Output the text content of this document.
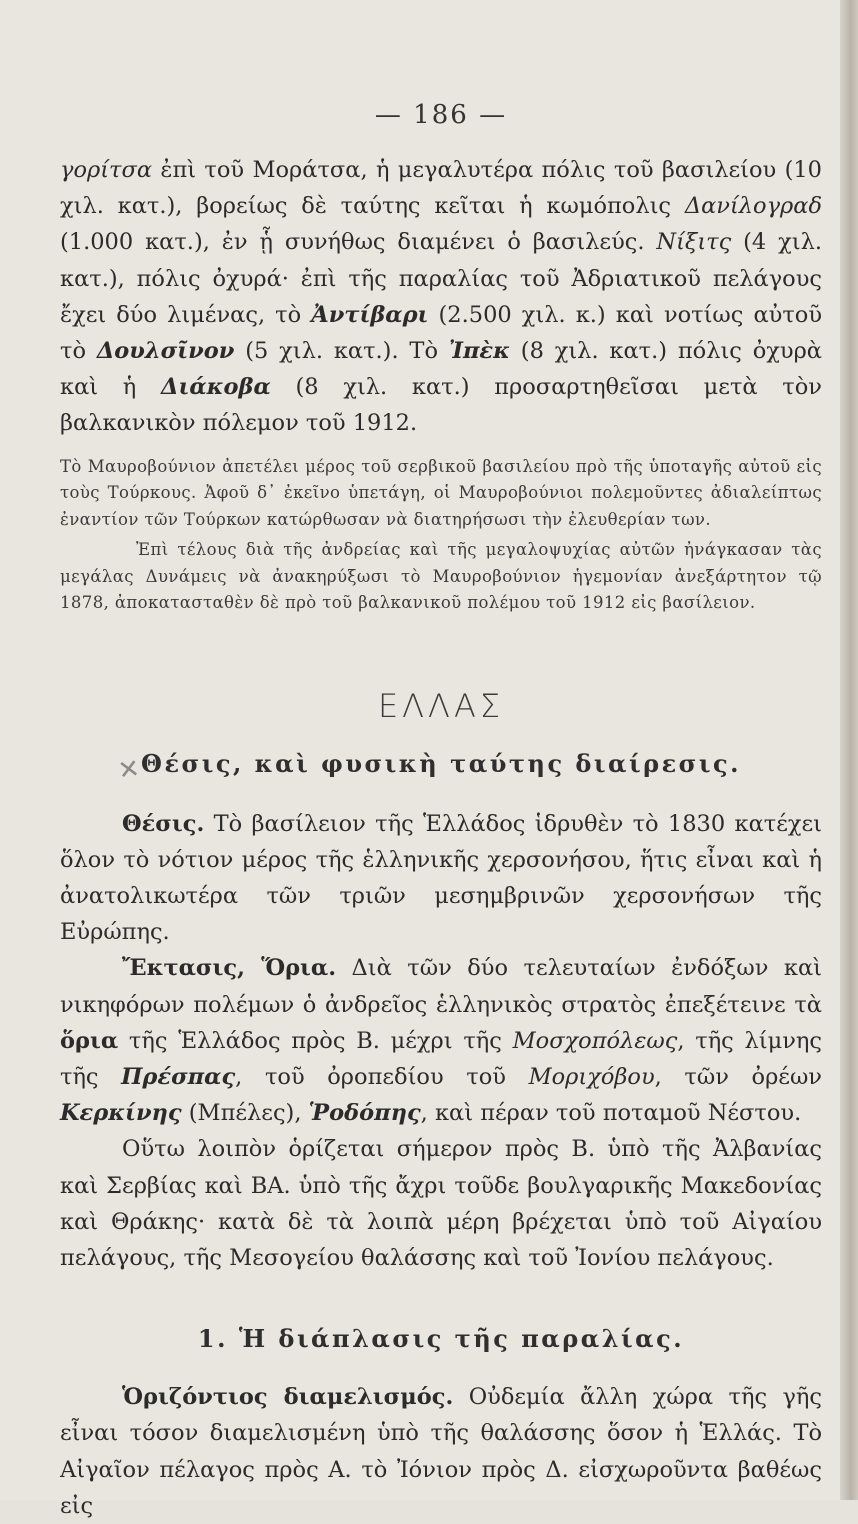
— 186 —

γορίτσα ἐπὶ τοῦ Μοράτσα, ἡ μεγαλυτέρα πόλις τοῦ βασιλείου (10 χιλ. κατ.), βορείως δὲ ταύτης κεῖται ἡ κωμόπολις Δανίλογραδ (1.000 κατ.), ἐν ᾗ συνήθως διαμένει ὁ βασιλεύς. Νίξιτς (4 χιλ. κατ.), πόλις ὀχυρά· ἐπὶ τῆς παραλίας τοῦ Ἀδριατικοῦ πελάγους ἔχει δύο λιμένας, τὸ Ἀντίβαρι (2.500 χιλ. κ.) καὶ νοτίως αὐτοῦ τὸ Δουλσῖνον (5 χιλ. κατ.). Τὸ Ἰπὲκ (8 χιλ. κατ.) πόλις ὀχυρὰ καὶ ἡ Διάκοβα (8 χιλ. κατ.) προσαρτηθεῖσαι μετὰ τὸν βαλκανικὸν πόλεμον τοῦ 1912.

Τὸ Μαυροβούνιον ἀπετέλει μέρος τοῦ σερβικοῦ βασιλείου πρὸ τῆς ὑποταγῆς αὐτοῦ εἰς τοὺς Τούρκους. Ἀφοῦ δ᾽ ἐκεῖνο ὑπετάγη, οἱ Μαυροβούνιοι πολεμοῦντες ἀδιαλείπτως ἐναντίον τῶν Τούρκων κατώρθωσαν νὰ διατηρήσωσι τὴν ἐλευθερίαν των.

Ἐπὶ τέλους διὰ τῆς ἀνδρείας καὶ τῆς μεγαλοψυχίας αὐτῶν ἠνάγκασαν τὰς μεγάλας Δυνάμεις νὰ ἀνακηρύξωσι τὸ Μαυροβούνιον ἡγεμονίαν ἀνεξάρτητον τῷ 1878, ἀποκατασταθὲν δὲ πρὸ τοῦ βαλκανικοῦ πολέμου τοῦ 1912 εἰς βασίλειον.

ΕΛΛΑΣ
✕
Θέσις, καὶ φυσικὴ ταύτης διαίρεσις.

Θέσις. Τὸ βασίλειον τῆς Ἑλλάδος ἱδρυθὲν τὸ 1830 κατέχει ὅλον τὸ νότιον μέρος τῆς ἑλληνικῆς χερσονήσου, ἥτις εἶναι καὶ ἡ ἀνατολικωτέρα τῶν τριῶν μεσημβρινῶν χερσονήσων τῆς Εὐρώπης.

Ἔκτασις, Ὅρια. Διὰ τῶν δύο τελευταίων ἐνδόξων καὶ νικηφόρων πολέμων ὁ ἀνδρεῖος ἑλληνικὸς στρατὸς ἐπεξέτεινε τὰ ὅρια τῆς Ἑλλάδος πρὸς Β. μέχρι τῆς Μοσχοπόλεως, τῆς λίμνης τῆς Πρέσπας, τοῦ ὀροπεδίου τοῦ Μοριχόβου, τῶν ὀρέων Κερκίνης (Μπέλες), Ῥοδόπης, καὶ πέραν τοῦ ποταμοῦ Νέστου.

Οὕτω λοιπὸν ὁρίζεται σήμερον πρὸς Β. ὑπὸ τῆς Ἀλβανίας καὶ Σερβίας καὶ ΒΑ. ὑπὸ τῆς ἄχρι τοῦδε βουλγαρικῆς Μακεδονίας καὶ Θράκης· κατὰ δὲ τὰ λοιπὰ μέρη βρέχεται ὑπὸ τοῦ Αἰγαίου πελάγους, τῆς Μεσογείου θαλάσσης καὶ τοῦ Ἰονίου πελάγους.

1. Ἡ διάπλασις τῆς παραλίας.

Ὁριζόντιος διαμελισμός. Οὐδεμία ἄλλη χώρα τῆς γῆς εἶναι τόσον διαμελισμένη ὑπὸ τῆς θαλάσσης ὅσον ἡ Ἑλλάς. Τὸ Αἰγαῖον πέλαγος πρὸς Α. τὸ Ἰόνιον πρὸς Δ. εἰσχωροῦντα βαθέως εἰς
